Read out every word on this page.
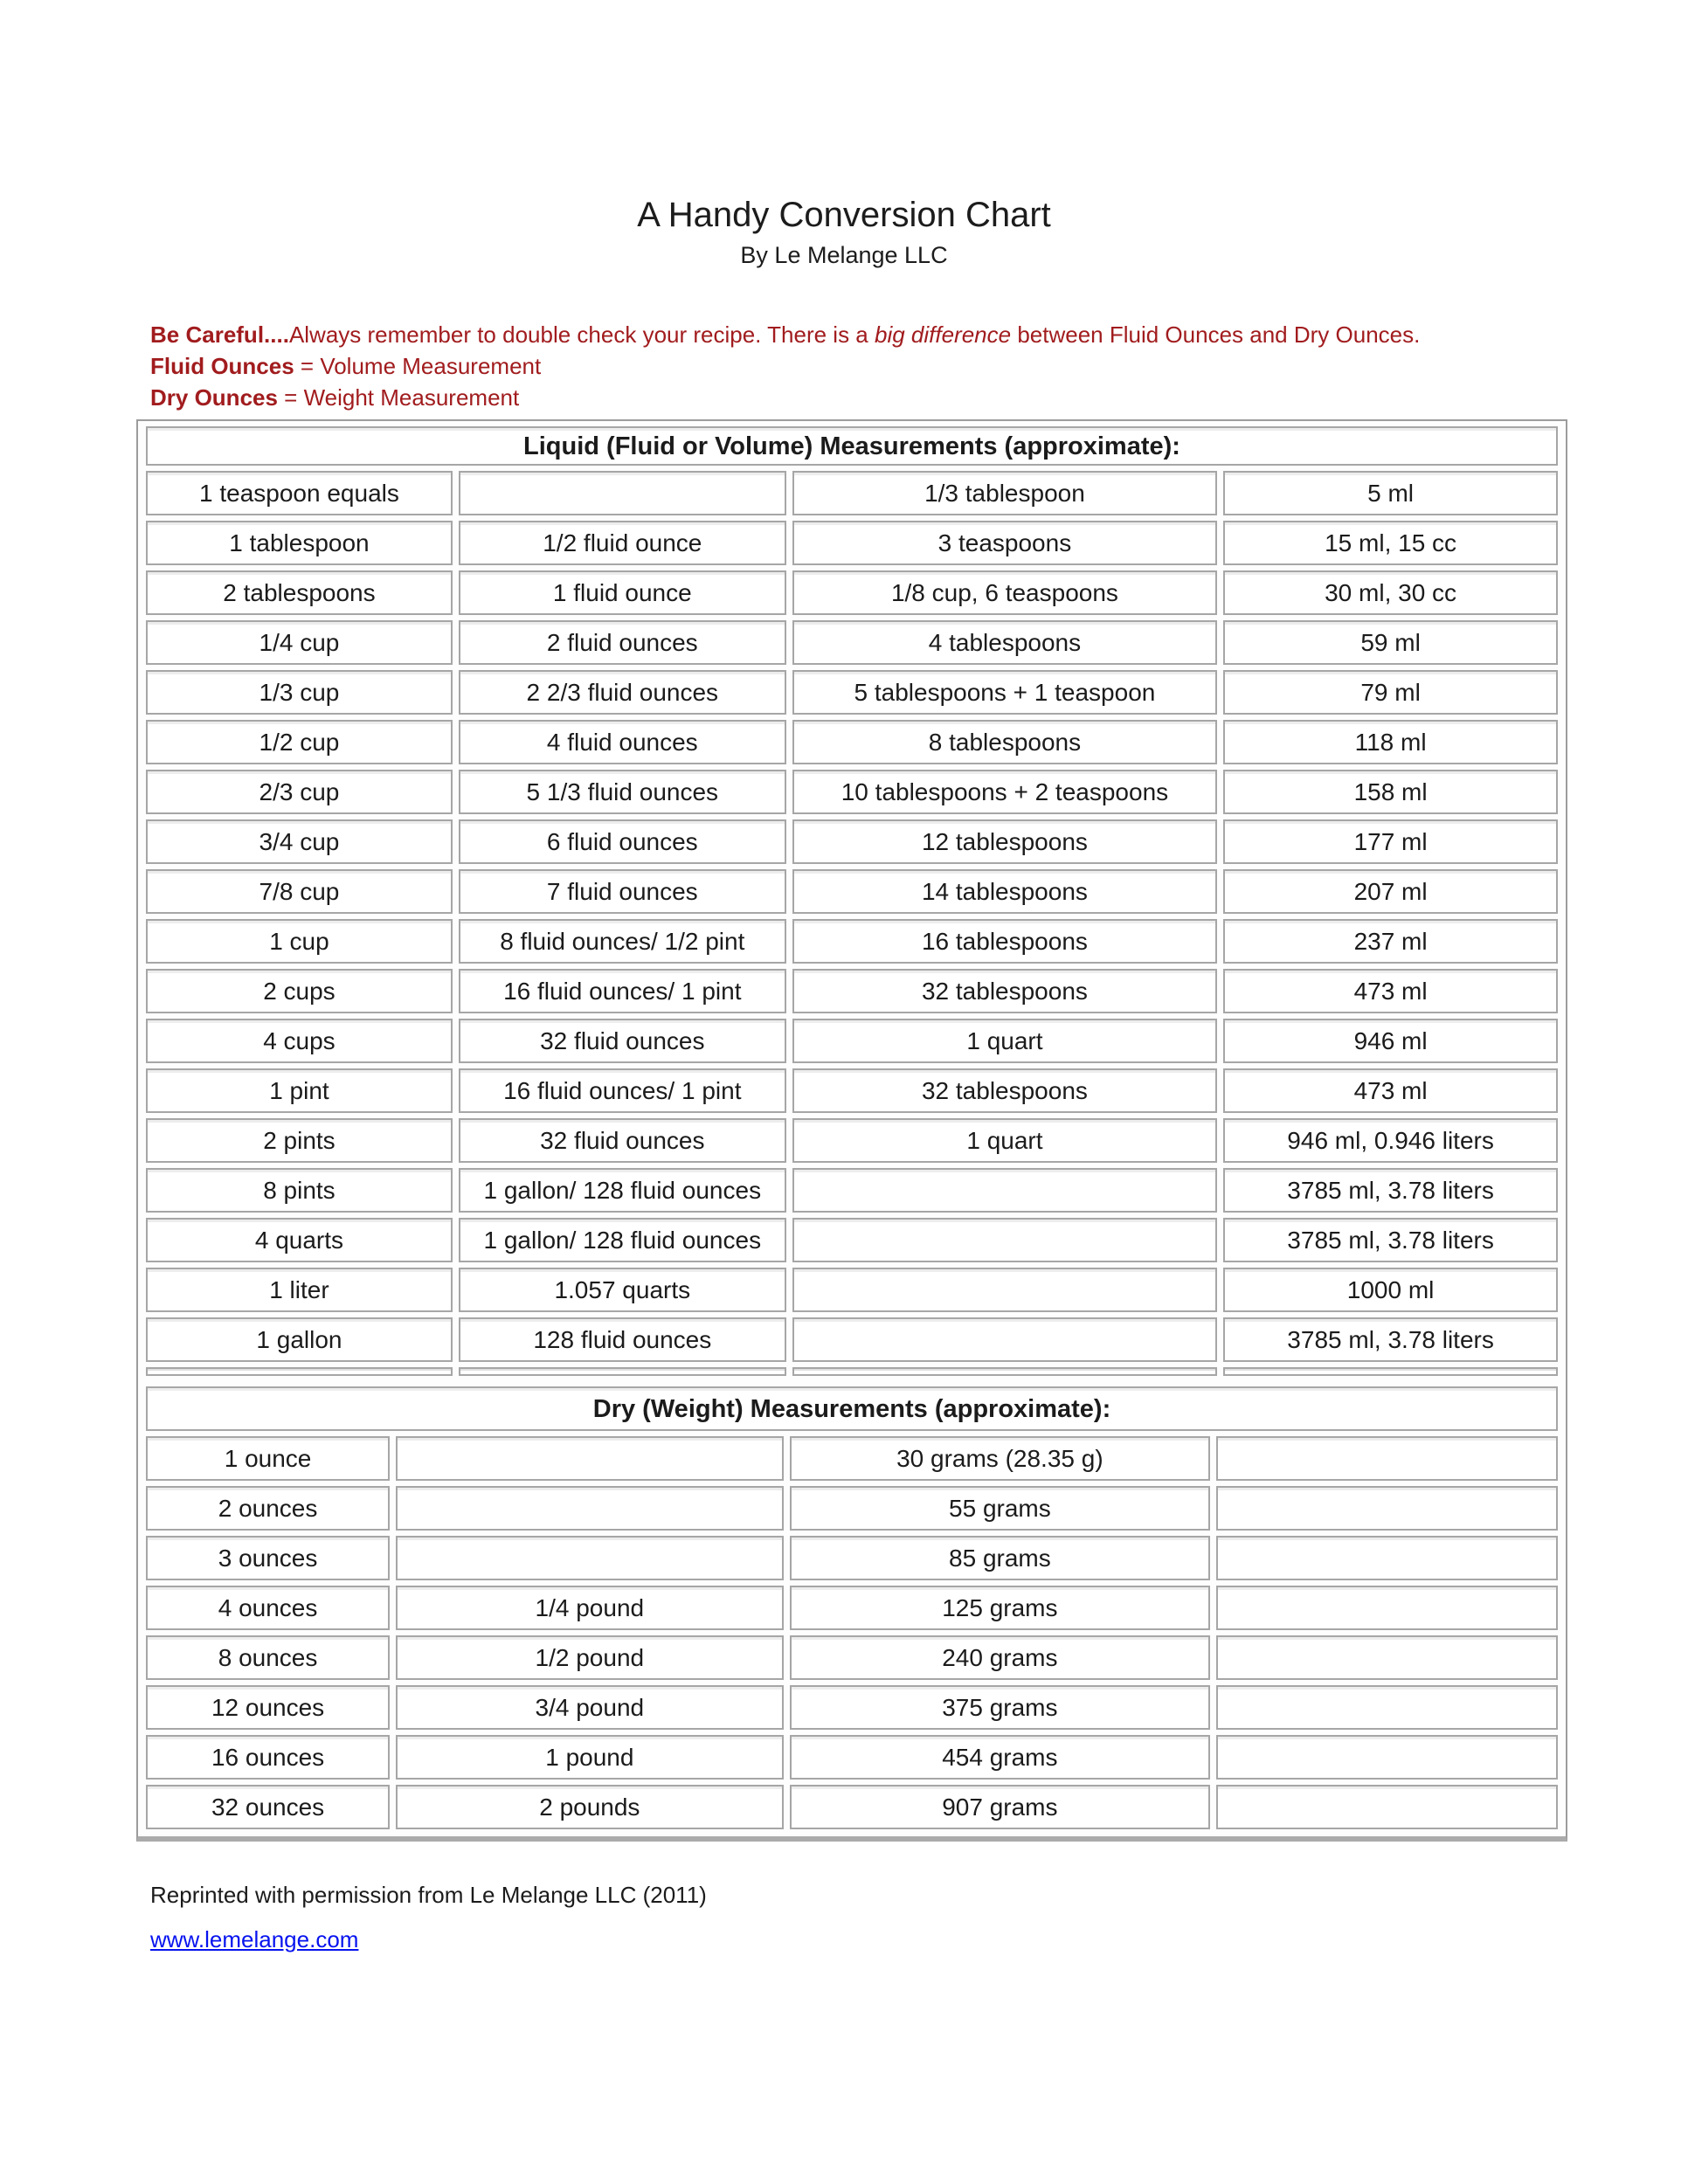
A Handy Conversion Chart
By Le Melange LLC

Be Careful....Always remember to double check your recipe. There is a big difference between Fluid Ounces and Dry Ounces.

Fluid Ounces = Volume Measurement

Dry Ounces = Weight Measurement

Liquid (Fluid or Volume) Measurements (approximate):			
1 teaspoon equals		1/3 tablespoon	5 ml
1 tablespoon	1/2 fluid ounce	3 teaspoons	15 ml, 15 cc
2 tablespoons	1 fluid ounce	1/8 cup, 6 teaspoons	30 ml, 30 cc
1/4 cup	2 fluid ounces	4 tablespoons	59 ml
1/3 cup	2 2/3 fluid ounces	5 tablespoons + 1 teaspoon	79 ml
1/2 cup	4 fluid ounces	8 tablespoons	118 ml
2/3 cup	5 1/3 fluid ounces	10 tablespoons + 2 teaspoons	158 ml
3/4 cup	6 fluid ounces	12 tablespoons	177 ml
7/8 cup	7 fluid ounces	14 tablespoons	207 ml
1 cup	8 fluid ounces/ 1/2 pint	16 tablespoons	237 ml
2 cups	16 fluid ounces/ 1 pint	32 tablespoons	473 ml
4 cups	32 fluid ounces	1 quart	946 ml
1 pint	16 fluid ounces/ 1 pint	32 tablespoons	473 ml
2 pints	32 fluid ounces	1 quart	946 ml, 0.946 liters
8 pints	1 gallon/ 128 fluid ounces		3785 ml, 3.78 liters
4 quarts	1 gallon/ 128 fluid ounces		3785 ml, 3.78 liters
1 liter	1.057 quarts		1000 ml
1 gallon	128 fluid ounces		3785 ml, 3.78 liters

Dry (Weight) Measurements (approximate):			
1 ounce		30 grams (28.35 g)	
2 ounces		55 grams	
3 ounces		85 grams	
4 ounces	1/4 pound	125 grams	
8 ounces	1/2 pound	240 grams	
12 ounces	3/4 pound	375 grams	
16 ounces	1 pound	454 grams	
32 ounces	2 pounds	907 grams	
Reprinted with permission from Le Melange LLC (2011)
www.lemelange.com
